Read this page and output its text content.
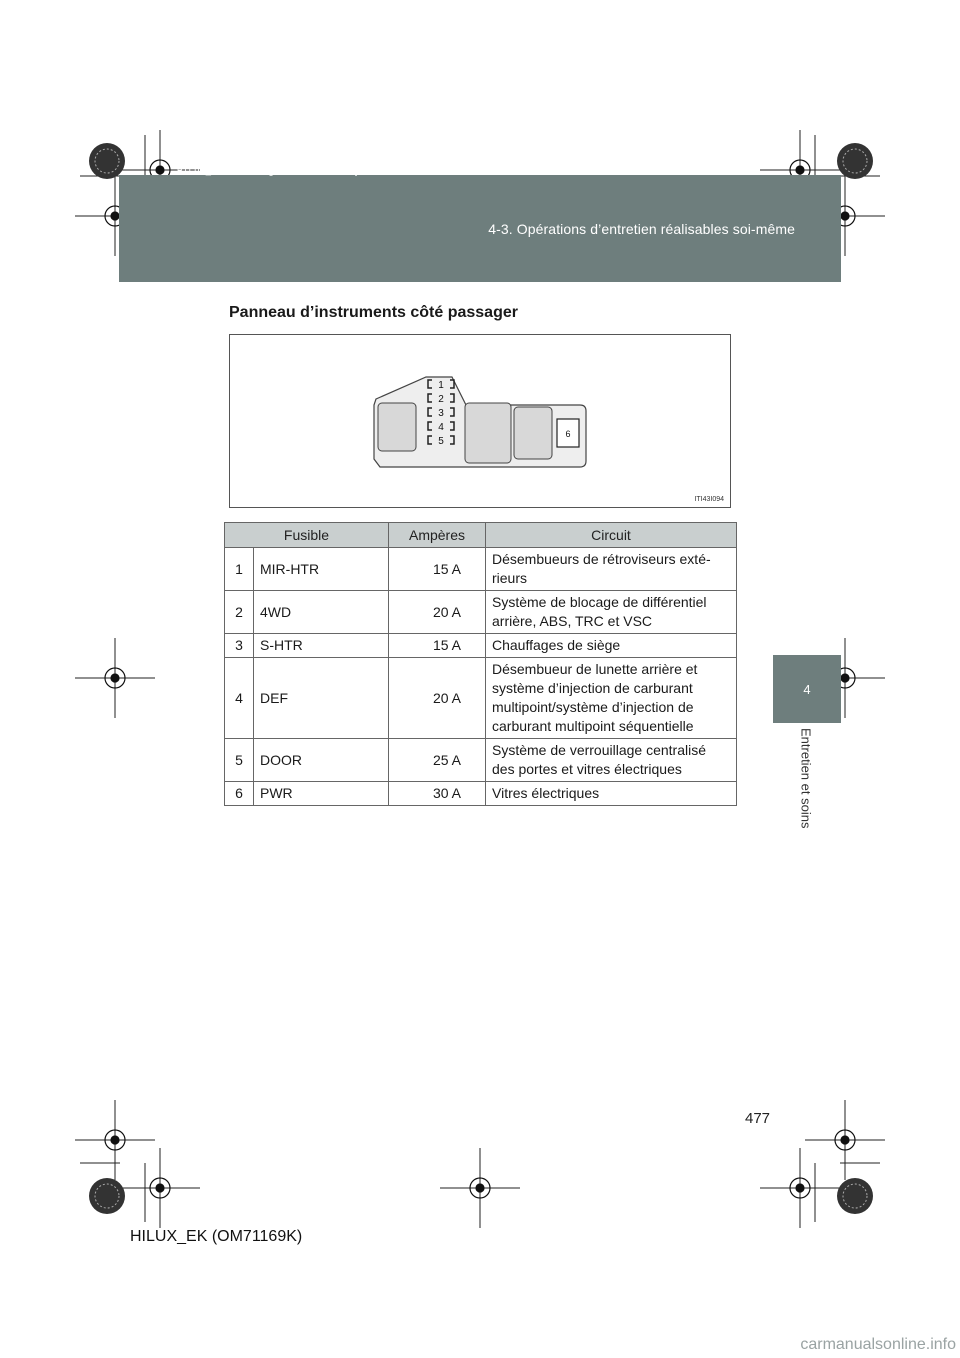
4-3. Opérations d’entretien réalisables soi-même
HILUX_EK.book Page 477 Wednesday, March 23, 2011 3:03 PM
4
Entretien et soins
Panneau d’instruments côté passager
1
2
3
4
5
6
ITI43I094
Fusible		Ampères	Circuit
1	MIR-HTR	15 A	Désembueurs de rétroviseurs exté-rieurs
2	4WD	20 A	Système de blocage de différentiel arrière, ABS, TRC et VSC
3	S-HTR	15 A	Chauffages de siège
4	DEF	20 A	Désembueur de lunette arrière et système d’injection de carburant multipoint/système d’injection de carburant multipoint séquentielle
5	DOOR	25 A	Système de verrouillage centralisé des portes et vitres électriques
6	PWR	30 A	Vitres électriques
477
HILUX_EK (OM71169K)
carmanualsonline.info
